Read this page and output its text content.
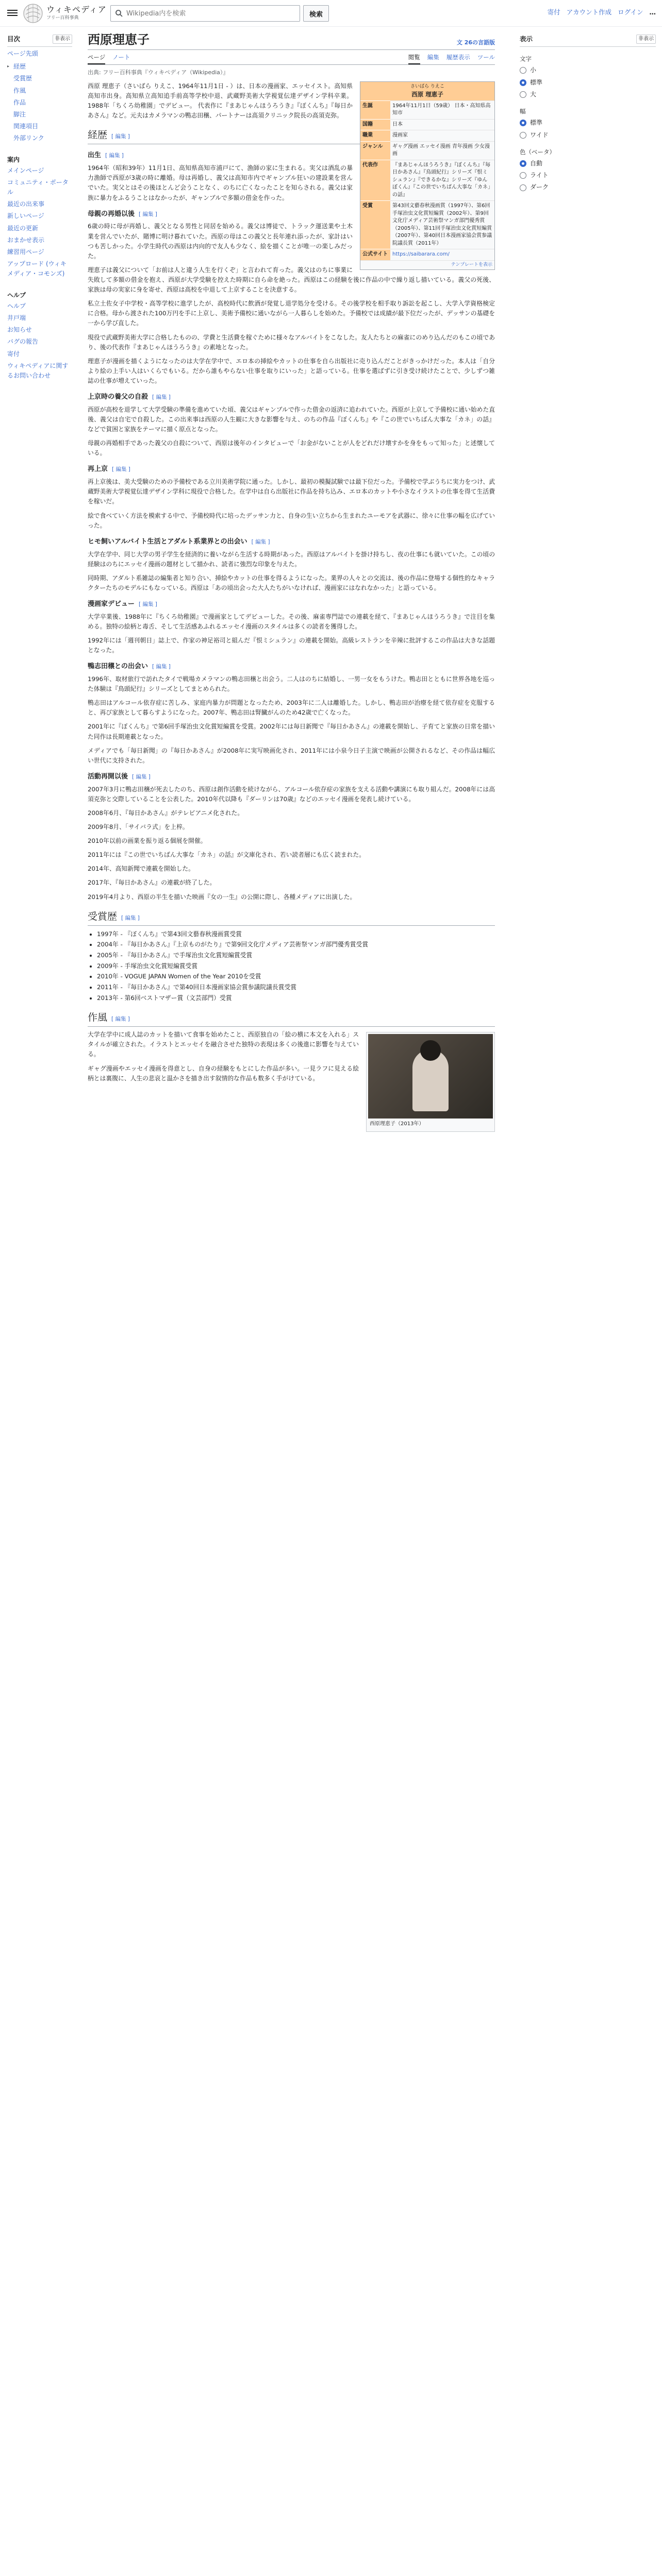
ウィキペディア
フリー百科事典
Wikipedia内を検索
検索	寄付 アカウント作成 ログイン …
目次	非表示
ページ先頭
▸ 経歴
受賞歴
作風
作品
脚注
関連項目
外部リンク
案内
メインページ
コミュニティ・ポータル
最近の出来事
新しいページ
最近の更新
おまかせ表示
練習用ページ
アップロード (ウィキメディア・コモンズ)
ヘルプ
ヘルプ
井戸端
お知らせ
バグの報告
寄付
ウィキペディアに関するお問い合わせ
西原理恵子	文 26の言語版
ページ ノート	閲覧 編集 履歴表示 ツール
出典: フリー百科事典『ウィキペディア（Wikipedia）』
さいばら りえこ
西原 理恵子
生誕	1964年11月1日（59歳） 日本・高知県高知市
国籍	日本
職業	漫画家
ジャンル	ギャグ漫画 エッセイ漫画 青年漫画 少女漫画
代表作	『まあじゃんほうろうき』『ぼくんち』『毎日かあさん』『鳥頭紀行』シリーズ『恨ミシュラン』『できるかな』シリーズ『ゆんぼくん』『この世でいちばん大事な「カネ」の話』
受賞	第43回文藝春秋漫画賞（1997年）、第6回手塚治虫文化賞短編賞（2002年）、第9回文化庁メディア芸術祭マンガ部門優秀賞（2005年）、第11回手塚治虫文化賞短編賞（2007年）、第40回日本漫画家協会賞参議院議長賞（2011年）
公式サイト	https://saibarara.com/
テンプレートを表示

西原 理恵子（さいばら りえこ、1964年11月1日 - ）は、日本の漫画家、エッセイスト。高知県高知市出身。高知県立高知追手前高等学校中退、武蔵野美術大学視覚伝達デザイン学科卒業。1988年「ちくろ幼稚園」でデビュー。 代表作に『まあじゃんほうろうき』『ぼくんち』『毎日かあさん』など。元夫はカメラマンの鴨志田穣、パートナーは高須クリニック院長の高須克弥。

経歴 [ 編集 ]
出生 [ 編集 ]

1964年（昭和39年）11月1日、高知県高知市浦戸にて、漁師の家に生まれる。実父は酒乱の暴力漁師で西原が3歳の時に離婚。母は再婚し、義父は高知市内でギャンブル狂いの建設業を営んでいた。実父とはその後ほとんど会うことなく、のちに亡くなったことを知らされる。義父は家族に暴力をふるうことはなかったが、ギャンブルで多額の借金を作った。

母親の再婚以後 [ 編集 ]

6歳の時に母が再婚し、義父となる男性と同居を始める。義父は博徒で、トラック運送業や土木業を営んでいたが、賭博に明け暮れていた。西原の母はこの義父と長年連れ添ったが、家計はいつも苦しかった。小学生時代の西原は内向的で友人も少なく、絵を描くことが唯一の楽しみだった。

理恵子は義父について「お前は人と違う人生を行くぞ」と言われて育った。義父はのちに事業に失敗して多額の借金を抱え、西原が大学受験を控えた時期に自ら命を絶った。西原はこの経験を後に作品の中で繰り返し描いている。義父の死後、家族は母の実家に身を寄せ、西原は高校を中退して上京することを決意する。

私立土佐女子中学校・高等学校に進学したが、高校時代に飲酒が発覚し退学処分を受ける。その後学校を相手取り訴訟を起こし、大学入学資格検定に合格。母から渡された100万円を手に上京し、美術予備校に通いながら一人暮らしを始めた。予備校では成績が最下位だったが、デッサンの基礎を一から学び直した。

現役で武蔵野美術大学に合格したものの、学費と生活費を稼ぐために様々なアルバイトをこなした。友人たちとの麻雀にのめり込んだのもこの頃であり、後の代表作『まあじゃんほうろうき』の素地となった。

理恵子が漫画を描くようになったのは大学在学中で、エロ本の挿絵やカットの仕事を自ら出版社に売り込んだことがきっかけだった。本人は「自分より絵の上手い人はいくらでもいる。だから誰もやらない仕事を取りにいった」と語っている。仕事を選ばずに引き受け続けたことで、少しずつ雑誌の仕事が増えていった。

上京時の養父の自殺 [ 編集 ]

西原が高校を退学して大学受験の準備を進めていた頃、義父はギャンブルで作った借金の返済に追われていた。西原が上京して予備校に通い始めた直後、義父は自宅で自殺した。この出来事は西原の人生観に大きな影響を与え、のちの作品『ぼくんち』や『この世でいちばん大事な「カネ」の話』などで貧困と家族をテーマに描く原点となった。

母親の再婚相手であった義父の自殺について、西原は後年のインタビューで「お金がないことが人をどれだけ壊すかを身をもって知った」と述懐している。

再上京 [ 編集 ]

再上京後は、美大受験のための予備校である立川美術学院に通った。しかし、最初の模擬試験では最下位だった。予備校で学ぶうちに実力をつけ、武蔵野美術大学視覚伝達デザイン学科に現役で合格した。在学中は自ら出版社に作品を持ち込み、エロ本のカットや小さなイラストの仕事を得て生活費を稼いだ。

絵で食べていく方法を模索する中で、予備校時代に培ったデッサン力と、自身の生い立ちから生まれたユーモアを武器に、徐々に仕事の幅を広げていった。

ヒモ飼いアルバイト生活とアダルト系業界との出会い [ 編集 ]

大学在学中、同じ大学の男子学生を経済的に養いながら生活する時期があった。西原はアルバイトを掛け持ちし、夜の仕事にも就いていた。この頃の経験はのちにエッセイ漫画の題材として描かれ、読者に強烈な印象を与えた。

同時期、アダルト系雑誌の編集者と知り合い、挿絵やカットの仕事を得るようになった。業界の人々との交流は、後の作品に登場する個性的なキャラクターたちのモデルにもなっている。西原は「あの頃出会った大人たちがいなければ、漫画家にはなれなかった」と語っている。

漫画家デビュー [ 編集 ]

大学卒業後、1988年に『ちくろ幼稚園』で漫画家としてデビューした。その後、麻雀専門誌での連載を経て、『まあじゃんほうろうき』で注目を集める。独特の絵柄と毒舌、そして生活感あふれるエッセイ漫画のスタイルは多くの読者を獲得した。

1992年には「週刊朝日」誌上で、作家の神足裕司と組んだ『恨ミシュラン』の連載を開始。高級レストランを辛辣に批評するこの作品は大きな話題となった。

鴨志田穣との出会い [ 編集 ]

1996年、取材旅行で訪れたタイで戦場カメラマンの鴨志田穣と出会う。二人はのちに結婚し、一男一女をもうけた。鴨志田とともに世界各地を巡った体験は『鳥頭紀行』シリーズとしてまとめられた。

鴨志田はアルコール依存症に苦しみ、家庭内暴力が問題となったため、2003年に二人は離婚した。しかし、鴨志田が治療を経て依存症を克服すると、再び家族として暮らすようになった。2007年、鴨志田は腎臓がんのため42歳で亡くなった。

2001年に『ぼくんち』で第6回手塚治虫文化賞短編賞を受賞。2002年には毎日新聞で『毎日かあさん』の連載を開始し、子育てと家族の日常を描いた同作は長期連載となった。

メディアでも「毎日新聞」の『毎日かあさん』が2008年に実写映画化され、2011年には小泉今日子主演で映画が公開されるなど、その作品は幅広い世代に支持された。

活動再開以後 [ 編集 ]

2007年3月に鴨志田穣が死去したのち、西原は創作活動を続けながら、アルコール依存症の家族を支える活動や講演にも取り組んだ。2008年には高須克弥と交際していることを公表した。2010年代以降も『ダーリンは70歳』などのエッセイ漫画を発表し続けている。

2008年6月、『毎日かあさん』がテレビアニメ化された。

2009年8月、「サイバラ式」を上梓。

2010年以前の画業を振り返る個展を開催。

2011年には『この世でいちばん大事な「カネ」の話』が文庫化され、若い読者層にも広く読まれた。

2014年、高知新聞で連載を開始した。

2017年、『毎日かあさん』の連載が終了した。

2019年4月より、西原の半生を描いた映画『女の一生』の公開に際し、各種メディアに出演した。

受賞歴 [ 編集 ]
• 1997年 - 『ぼくんち』で第43回文藝春秋漫画賞受賞
• 2004年 - 『毎日かあさん』『上京ものがたり』で第9回文化庁メディア芸術祭マンガ部門優秀賞受賞
• 2005年 - 『毎日かあさん』で手塚治虫文化賞短編賞受賞
• 2009年 - 手塚治虫文化賞短編賞受賞
• 2010年 - VOGUE JAPAN Women of the Year 2010を受賞
• 2011年 - 『毎日かあさん』で第40回日本漫画家協会賞参議院議長賞受賞
• 2013年 - 第6回ベストマザー賞（文芸部門）受賞
作風 [ 編集 ]
西原理恵子（2013年）

大学在学中に成人誌のカットを描いて食事を始めたこと、西原独自の「絵の横に本文を入れる」スタイルが確立された。イラストとエッセイを融合させた独特の表現は多くの後進に影響を与えている。

ギャグ漫画やエッセイ漫画を得意とし、自身の経験をもとにした作品が多い。一見ラフに見える絵柄とは裏腹に、人生の悲哀と温かさを描き出す叙情的な作品も数多く手がけている。

表示	非表示
文字
小
標準
大
幅
標準
ワイド
色（ベータ）
自動
ライト
ダーク
